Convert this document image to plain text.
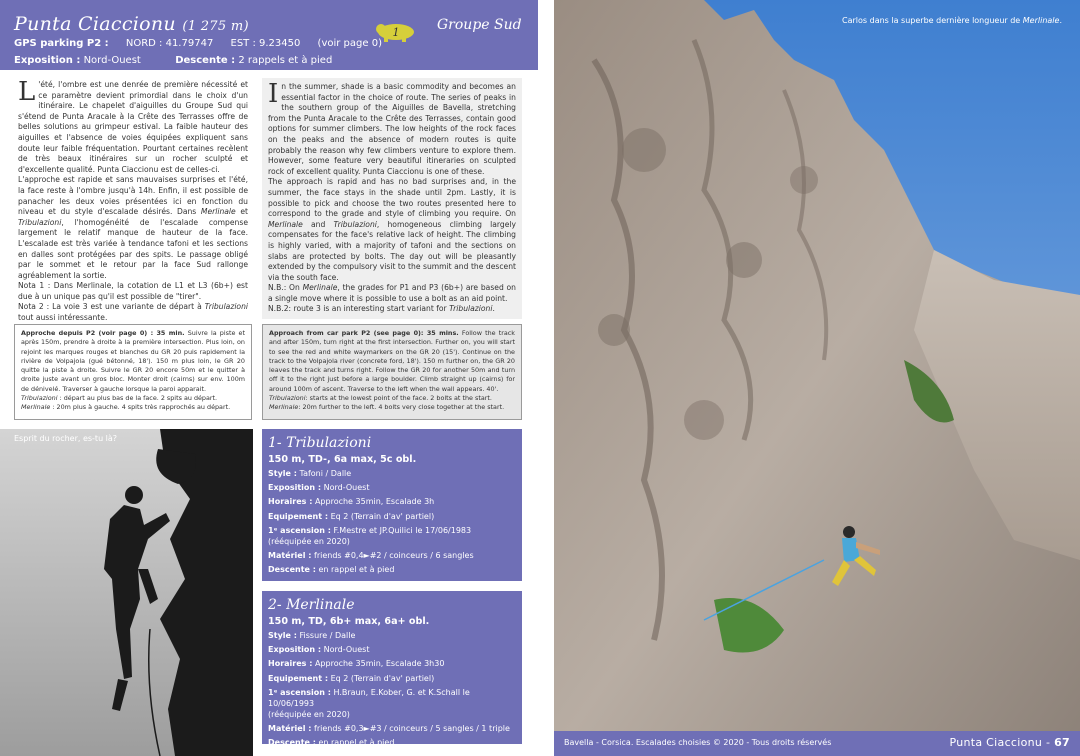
Punta Ciaccionu (1 275 m)	1	Groupe Sud
GPS parking P2 : NORD : 41.79747 EST : 9.23450 (voir page 0)
Exposition : Nord-Ouest	Descente : 2 rappels et à pied

L 'été, l'ombre est une denrée de première nécessité et ce paramètre devient primordial dans le choix d'un itinéraire. Le chapelet d'aiguilles du Groupe Sud qui s'étend de Punta Aracale à la Crête des Terrasses offre de belles solutions au grimpeur estival. La faible hauteur des aiguilles et l'absence de voies équipées expliquent sans doute leur faible fréquentation. Pourtant certaines recèlent de très beaux itinéraires sur un rocher sculpté et d'excellente qualité. Punta Ciaccionu est de celles-ci.

L'approche est rapide et sans mauvaises surprises et l'été, la face reste à l'ombre jusqu'à 14h. Enfin, il est possible de panacher les deux voies présentées ici en fonction du niveau et du style d'escalade désirés. Dans Merlinale et Tribulazioni, l'homogénéité de l'escalade compense largement le relatif manque de hauteur de la face. L'escalade est très variée à tendance tafoni et les sections en dalles sont protégées par des spits. Le passage obligé par le sommet et le retour par la face Sud rallonge agréablement la sortie.

Nota 1 : Dans Merlinale, la cotation de L1 et L3 (6b+) est due à un unique pas qu'il est possible de "tirer".

Nota 2 : La voie 3 est une variante de départ à Tribulazioni tout aussi intéressante.

In the summer, shade is a basic commodity and becomes an essential factor in the choice of route. The series of peaks in the southern group of the Aiguilles de Bavella, stretching from the Punta Aracale to the Crête des Terrasses, contain good options for summer climbers. The low heights of the rock faces on the peaks and the absence of modern routes is quite probably the reason why few climbers venture to explore them. However, some feature very beautiful itineraries on sculpted rock of excellent quality. Punta Ciaccionu is one of these.

The approach is rapid and has no bad surprises and, in the summer, the face stays in the shade until 2pm. Lastly, it is possible to pick and choose the two routes presented here to correspond to the grade and style of climbing you require. On Merlinale and Tribulazioni, homogeneous climbing largely compensates for the face's relative lack of height. The climbing is highly varied, with a majority of tafoni and the sections on slabs are protected by bolts. The day out will be pleasantly extended by the compulsory visit to the summit and the descent via the south face.

N.B.: On Merlinale, the grades for P1 and P3 (6b+) are based on a single move where it is possible to use a bolt as an aid point.

N.B.2: route 3 is an interesting start variant for Tribulazioni.

Approche depuis P2 (voir page 0) : 35 min. Suivre la piste et après 150m, prendre à droite à la première intersection. Plus loin, on rejoint les marques rouges et blanches du GR 20 puis rapidement la rivière de Volpajola (gué bétonné, 18'). 150 m plus loin, le GR 20 quitte la piste à droite. Suivre le GR 20 encore 50m et le quitter à droite juste avant un gros bloc. Monter droit (cairns) sur env. 100m de dénivelé. Traverser à gauche lorsque la paroi apparait.
Tribulazioni : départ au plus bas de la face. 2 spits au départ.
Merlinale : 20m plus à gauche. 4 spits très rapprochés au départ.
Approach from car park P2 (see page 0): 35 mins. Follow the track and after 150m, turn right at the first intersection. Further on, you will start to see the red and white waymarkers on the GR 20 (15'). Continue on the track to the Volpajola river (concrete ford, 18'). 150 m further on, the GR 20 leaves the track and turns right. Follow the GR 20 for another 50m and turn off it to the right just before a large boulder. Climb straight up (cairns) for around 100m of ascent. Traverse to the left when the wall appears. 40'.
Tribulazioni: starts at the lowest point of the face. 2 bolts at the start.
Merlinale: 20m further to the left. 4 bolts very close together at the start.
Esprit du rocher, es-tu là?	1- Tribulazioni
150 m, TD-, 6a max, 5c obl.
Style : Tafoni / Dalle
Exposition : Nord-Ouest
Horaires : Approche 35min, Escalade 3h
Equipement : Eq 2 (Terrain d'av' partiel)
1ᵉ ascension : F.Mestre et JP.Quilici le 17/06/1983
(rééquipée en 2020)
Matériel : friends #0,4►#2 / coinceurs / 6 sangles
Descente : en rappel et à pied
2- Merlinale
150 m, TD, 6b+ max, 6a+ obl.
Style : Fissure / Dalle
Exposition : Nord-Ouest
Horaires : Approche 35min, Escalade 3h30
Equipement : Eq 2 (Terrain d'av' partiel)
1ᵉ ascension : H.Braun, E.Kober, G. et K.Schall le 10/06/1993
(rééquipée en 2020)
Matériel : friends #0,3►#3 / coinceurs / 5 sangles / 1 triple
Descente : en rappel et à pied
Carlos dans la superbe dernière longueur de Merlinale.
Bavella - Corsica. Escalades choisies © 2020 - Tous droits réservés	Punta Ciaccionu - 67
